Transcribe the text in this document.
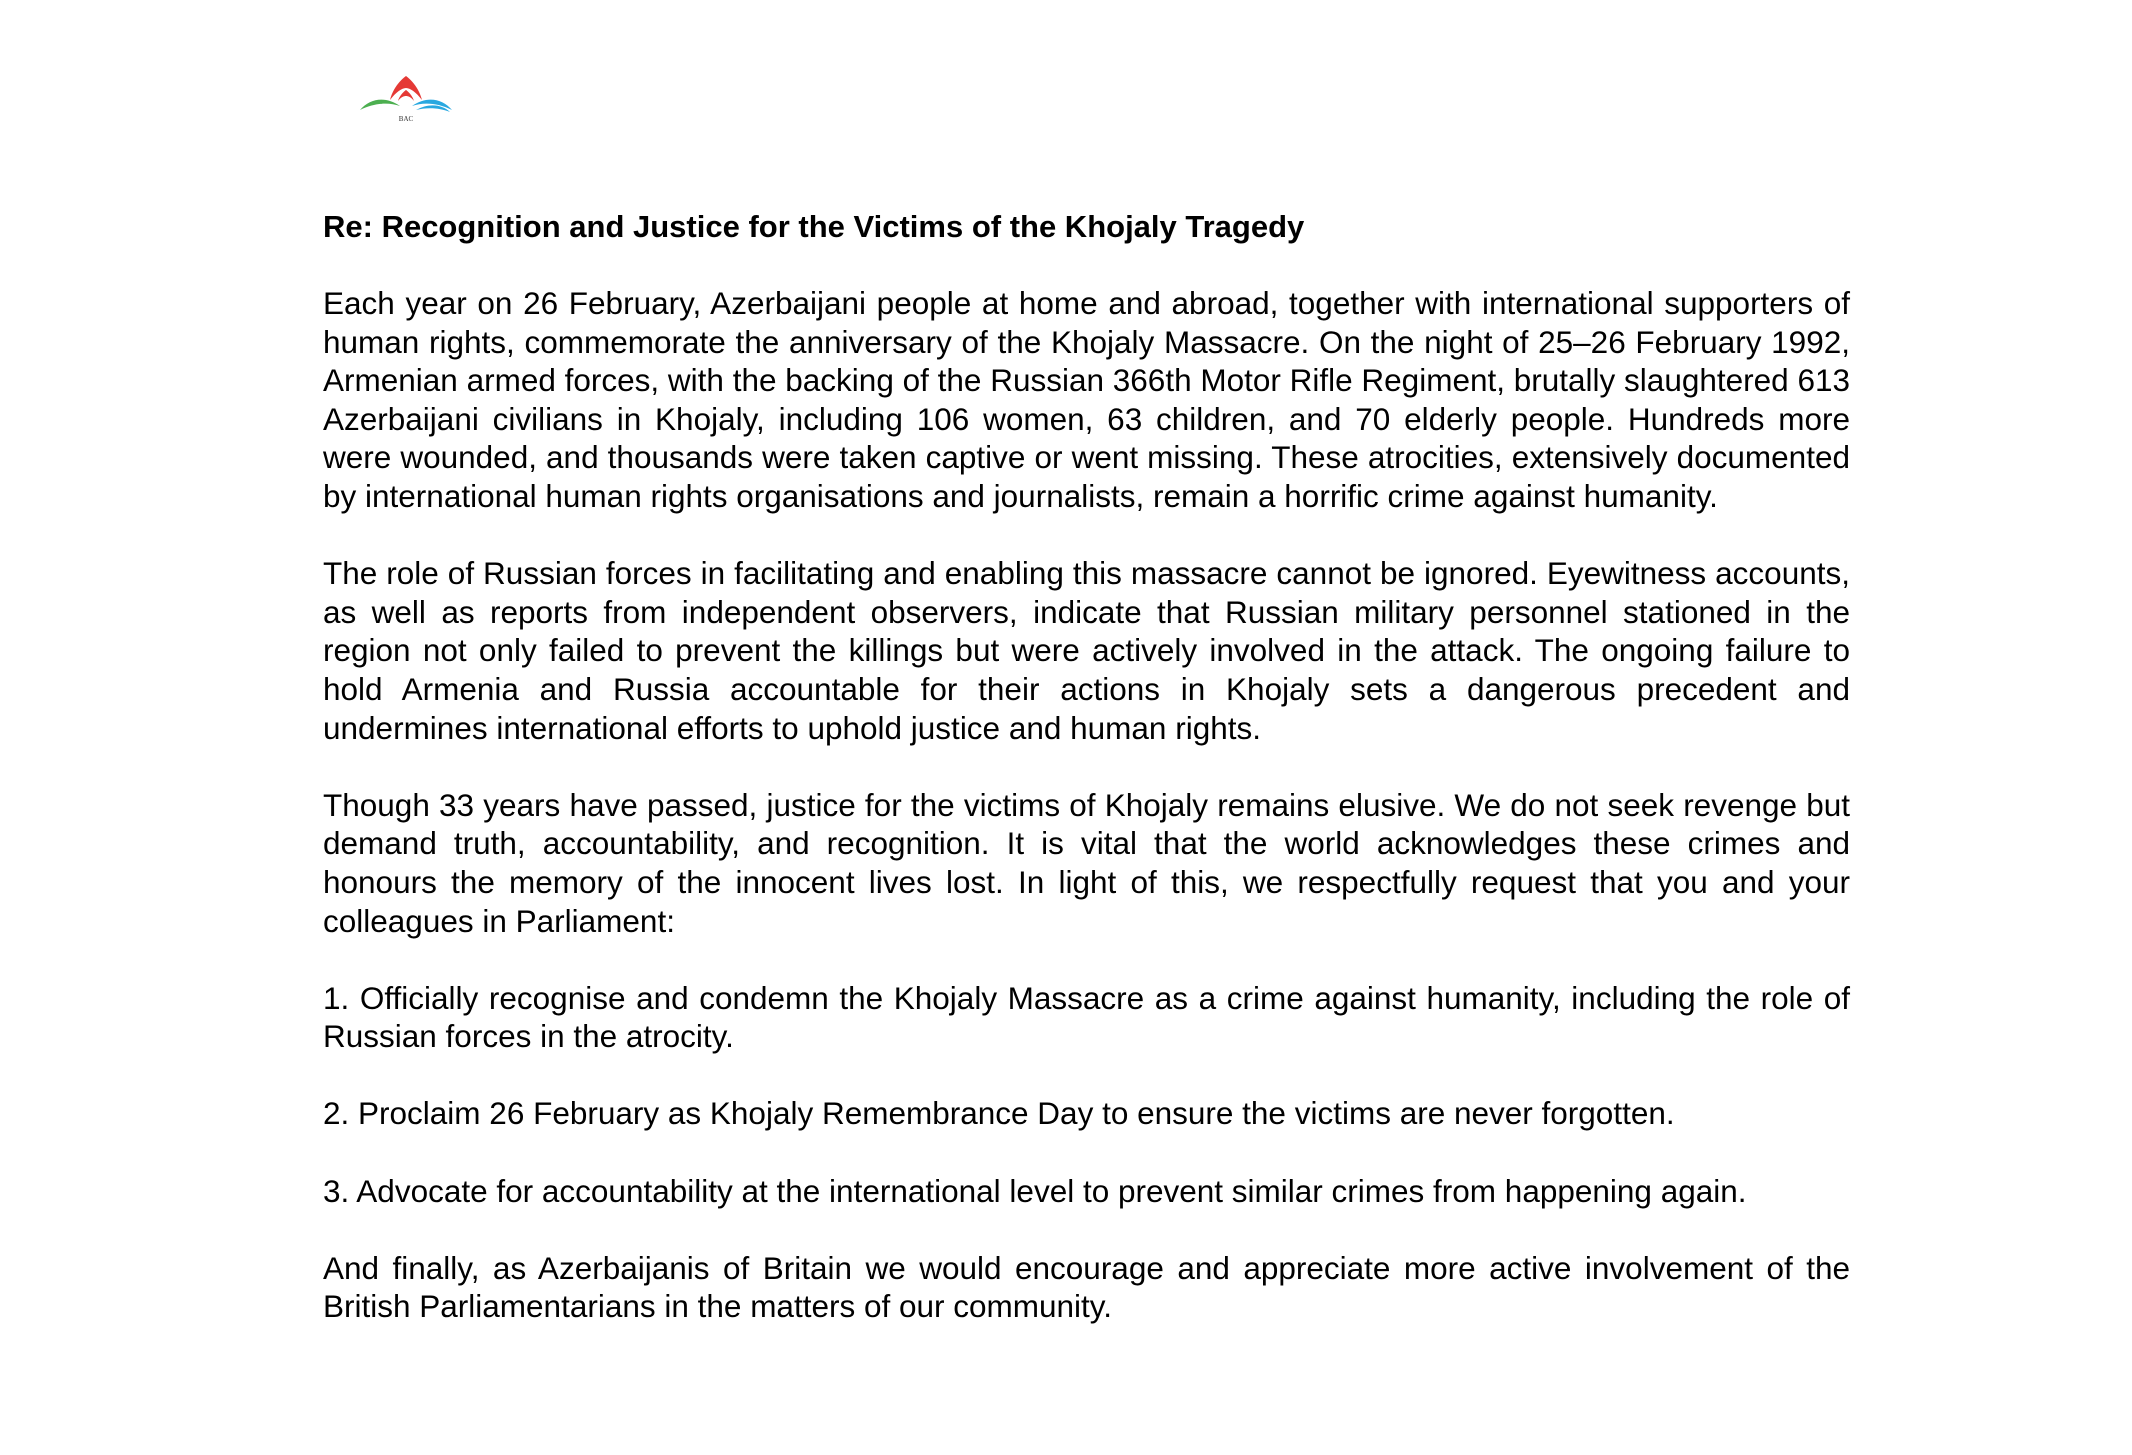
BAC
Re: Recognition and Justice for the Victims of the Khojaly Tragedy

Each year on 26 February, Azerbaijani people at home and abroad, together with international supporters of human rights, commemorate the anniversary of the Khojaly Massacre. On the night of 25–26 February 1992, Armenian armed forces, with the backing of the Russian 366th Motor Rifle Regiment, brutally slaughtered 613 Azerbaijani civilians in Khojaly, including 106 women, 63 children, and 70 elderly people. Hundreds more were wounded, and thousands were taken captive or went missing. These atrocities, extensively documented by international human rights organisations and journalists, remain a horrific crime against humanity.

The role of Russian forces in facilitating and enabling this massacre cannot be ignored. Eyewitness accounts, as well as reports from independent observers, indicate that Russian military personnel stationed in the region not only failed to prevent the killings but were actively involved in the attack. The ongoing failure to hold Armenia and Russia accountable for their actions in Khojaly sets a dangerous precedent and undermines international efforts to uphold justice and human rights.

Though 33 years have passed, justice for the victims of Khojaly remains elusive. We do not seek revenge but demand truth, accountability, and recognition. It is vital that the world acknowledges these crimes and honours the memory of the innocent lives lost. In light of this, we respectfully request that you and your colleagues in Parliament:

1. Officially recognise and condemn the Khojaly Massacre as a crime against humanity, including the role of Russian forces in the atrocity.

2. Proclaim 26 February as Khojaly Remembrance Day to ensure the victims are never forgotten.

3. Advocate for accountability at the international level to prevent similar crimes from happening again.

And finally, as Azerbaijanis of Britain we would encourage and appreciate more active involvement of the British Parliamentarians in the matters of our community.
